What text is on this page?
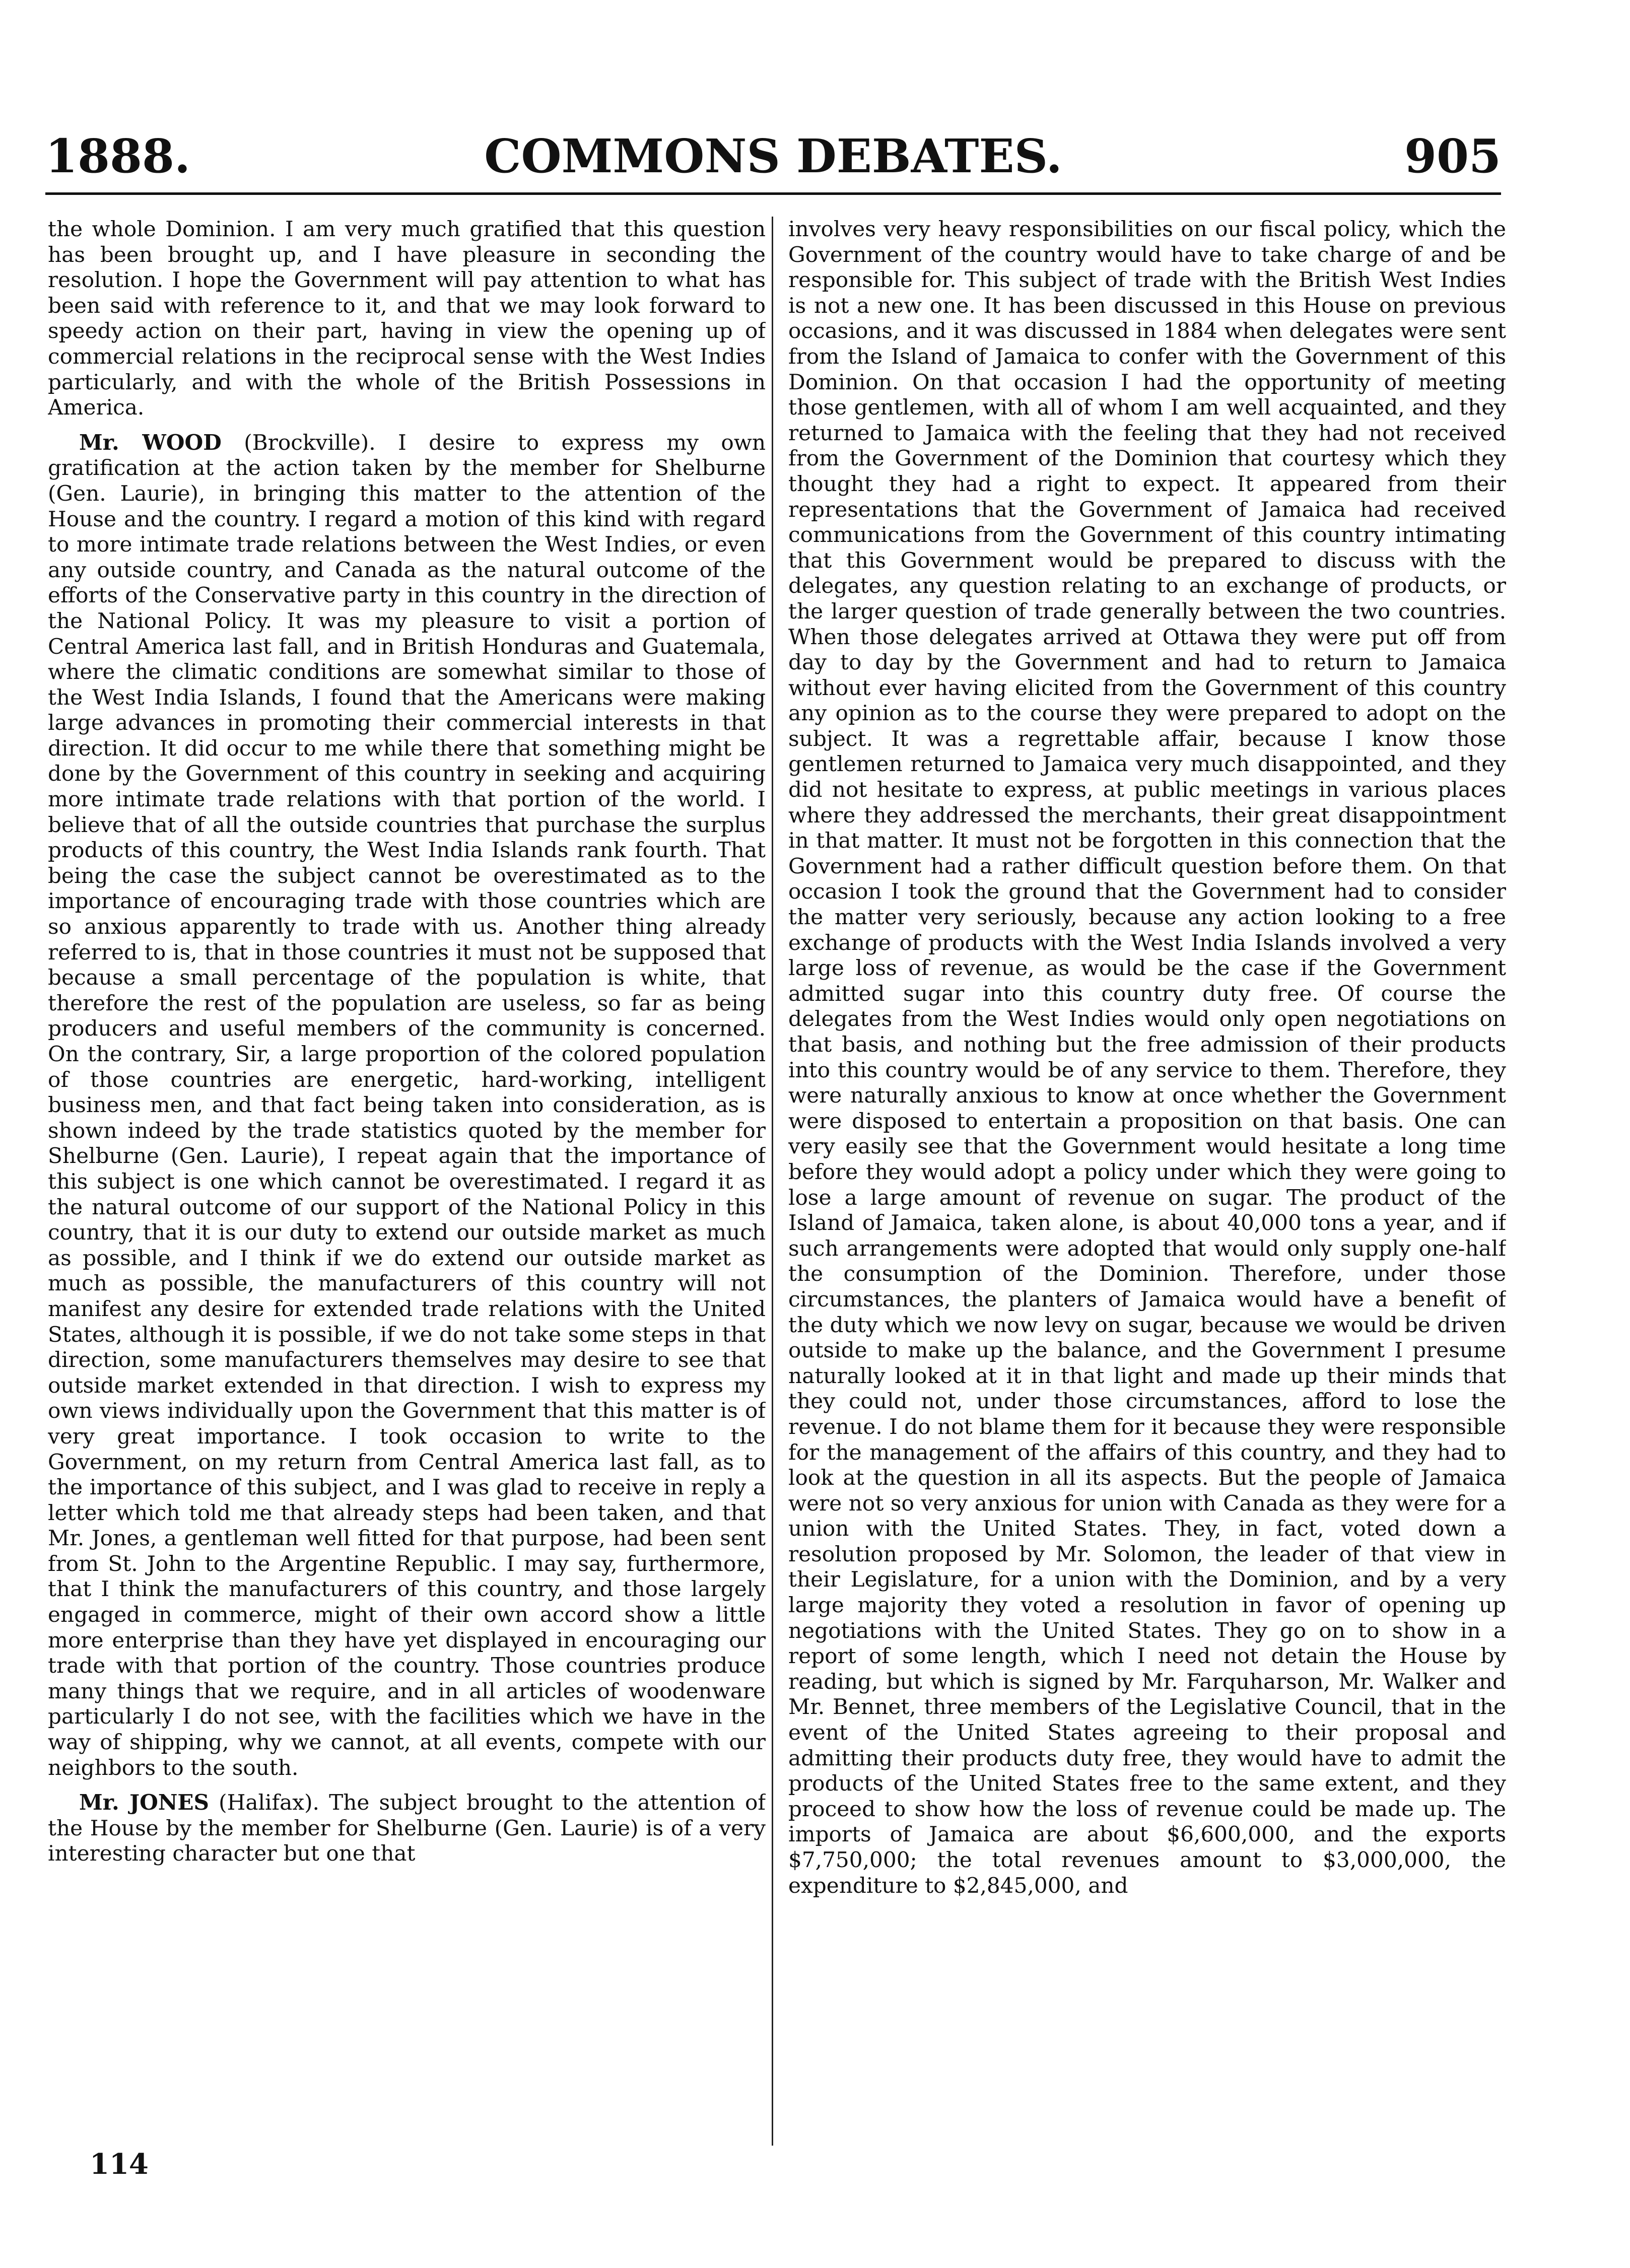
1888.	COMMONS DEBATES.	905

the whole Dominion. I am very much gratified that this question has been brought up, and I have pleasure in seconding the resolution. I hope the Government will pay attention to what has been said with reference to it, and that we may look forward to speedy action on their part, having in view the opening up of commercial relations in the reciprocal sense with the West Indies particularly, and with the whole of the British Possessions in America.

Mr. WOOD (Brockville). I desire to express my own gratification at the action taken by the member for Shelburne (Gen. Laurie), in bringing this matter to the attention of the House and the country. I regard a motion of this kind with regard to more intimate trade relations between the West Indies, or even any outside country, and Canada as the natural outcome of the efforts of the Conservative party in this country in the direction of the National Policy. It was my pleasure to visit a portion of Central America last fall, and in British Honduras and Guatemala, where the climatic conditions are somewhat similar to those of the West India Islands, I found that the Americans were making large advances in promoting their commercial interests in that direction. It did occur to me while there that something might be done by the Government of this country in seeking and acquiring more intimate trade relations with that portion of the world. I believe that of all the outside countries that purchase the surplus products of this country, the West India Islands rank fourth. That being the case the subject cannot be overestimated as to the importance of encouraging trade with those countries which are so anxious apparently to trade with us. Another thing already referred to is, that in those countries it must not be supposed that because a small percentage of the population is white, that therefore the rest of the population are useless, so far as being producers and useful members of the community is concerned. On the contrary, Sir, a large proportion of the colored population of those countries are energetic, hard-working, intelligent business men, and that fact being taken into consideration, as is shown indeed by the trade statistics quoted by the member for Shelburne (Gen. Laurie), I repeat again that the importance of this subject is one which cannot be overestimated. I regard it as the natural outcome of our support of the National Policy in this country, that it is our duty to extend our outside market as much as possible, and I think if we do extend our outside market as much as possible, the manufacturers of this country will not manifest any desire for extended trade relations with the United States, although it is possible, if we do not take some steps in that direction, some manufacturers themselves may desire to see that outside market extended in that direction. I wish to express my own views individually upon the Government that this matter is of very great importance. I took occasion to write to the Government, on my return from Central America last fall, as to the importance of this subject, and I was glad to receive in reply a letter which told me that already steps had been taken, and that Mr. Jones, a gentleman well fitted for that purpose, had been sent from St. John to the Argentine Republic. I may say, furthermore, that I think the manufacturers of this country, and those largely engaged in commerce, might of their own accord show a little more enterprise than they have yet displayed in encouraging our trade with that portion of the country. Those countries produce many things that we require, and in all articles of woodenware particularly I do not see, with the facilities which we have in the way of shipping, why we cannot, at all events, compete with our neighbors to the south.

Mr. JONES (Halifax). The subject brought to the attention of the House by the member for Shelburne (Gen. Laurie) is of a very interesting character but one that

involves very heavy responsibilities on our fiscal policy, which the Government of the country would have to take charge of and be responsible for. This subject of trade with the British West Indies is not a new one. It has been discussed in this House on previous occasions, and it was discussed in 1884 when delegates were sent from the Island of Jamaica to confer with the Government of this Dominion. On that occasion I had the opportunity of meeting those gentlemen, with all of whom I am well acquainted, and they returned to Jamaica with the feeling that they had not received from the Government of the Dominion that courtesy which they thought they had a right to expect. It appeared from their representations that the Government of Jamaica had received communications from the Government of this country intimating that this Government would be prepared to discuss with the delegates, any question relating to an exchange of products, or the larger question of trade generally between the two countries. When those delegates arrived at Ottawa they were put off from day to day by the Government and had to return to Jamaica without ever having elicited from the Government of this country any opinion as to the course they were prepared to adopt on the subject. It was a regrettable affair, because I know those gentlemen returned to Jamaica very much disappointed, and they did not hesitate to express, at public meetings in various places where they addressed the merchants, their great disappointment in that matter. It must not be forgotten in this connection that the Government had a rather difficult question before them. On that occasion I took the ground that the Government had to consider the matter very seriously, because any action looking to a free exchange of products with the West India Islands involved a very large loss of revenue, as would be the case if the Government admitted sugar into this country duty free. Of course the delegates from the West Indies would only open negotiations on that basis, and nothing but the free admission of their products into this country would be of any service to them. Therefore, they were naturally anxious to know at once whether the Government were disposed to entertain a proposition on that basis. One can very easily see that the Government would hesitate a long time before they would adopt a policy under which they were going to lose a large amount of revenue on sugar. The product of the Island of Jamaica, taken alone, is about 40,000 tons a year, and if such arrangements were adopted that would only supply one-half the consumption of the Dominion. Therefore, under those circumstances, the planters of Jamaica would have a benefit of the duty which we now levy on sugar, because we would be driven outside to make up the balance, and the Government I presume naturally looked at it in that light and made up their minds that they could not, under those circumstances, afford to lose the revenue. I do not blame them for it because they were responsible for the management of the affairs of this country, and they had to look at the question in all its aspects. But the people of Jamaica were not so very anxious for union with Canada as they were for a union with the United States. They, in fact, voted down a resolution proposed by Mr. Solomon, the leader of that view in their Legislature, for a union with the Dominion, and by a very large majority they voted a resolution in favor of opening up negotiations with the United States. They go on to show in a report of some length, which I need not detain the House by reading, but which is signed by Mr. Farquharson, Mr. Walker and Mr. Bennet, three members of the Legislative Council, that in the event of the United States agreeing to their proposal and admitting their products duty free, they would have to admit the products of the United States free to the same extent, and they proceed to show how the loss of revenue could be made up. The imports of Jamaica are about $6,600,000, and the exports $7,750,000; the total revenues amount to $3,000,000, the expenditure to $2,845,000, and

114
